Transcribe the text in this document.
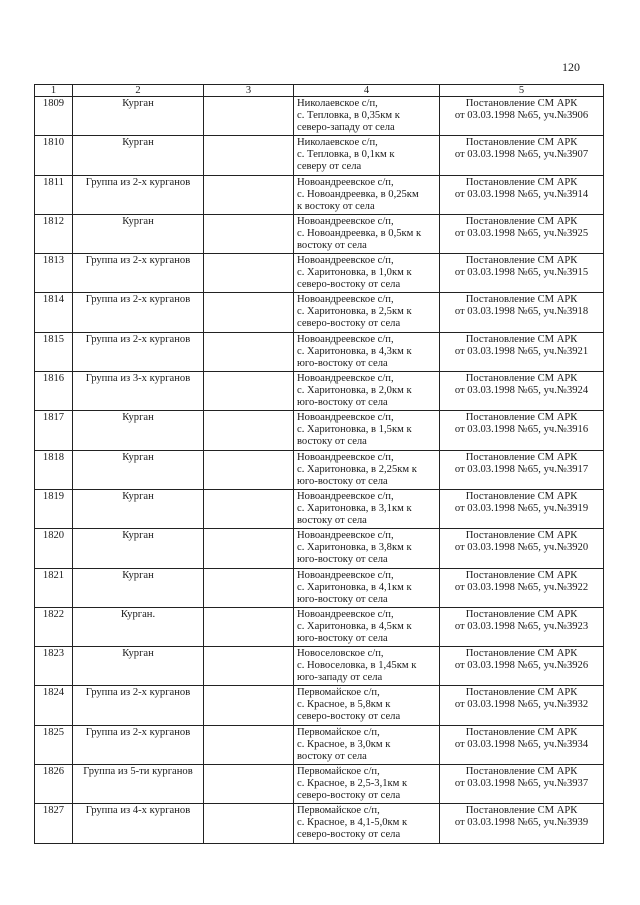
120
1	2	3	4	5
1809	Курган		Николаевское с/п,
с. Тепловка, в 0,35км к
северо-западу от села	Постановление СМ АРК
от 03.03.1998 №65, уч.№3906

1810	Курган		Николаевское с/п,
с. Тепловка, в 0,1км к
северу от села	Постановление СМ АРК
от 03.03.1998 №65, уч.№3907

1811	Группа из 2-х курганов		Новоандреевское с/п,
с. Новоандреевка, в 0,25км
к востоку от села	Постановление СМ АРК
от 03.03.1998 №65, уч.№3914

1812	Курган		Новоандреевское с/п,
с. Новоандреевка, в 0,5км к
востоку от села	Постановление СМ АРК
от 03.03.1998 №65, уч.№3925

1813	Группа из 2-х курганов		Новоандреевское с/п,
с. Харитоновка, в 1,0км к
северо-востоку от села	Постановление СМ АРК
от 03.03.1998 №65, уч.№3915

1814	Группа из 2-х курганов		Новоандреевское с/п,
с. Харитоновка, в 2,5км к
северо-востоку от села	Постановление СМ АРК
от 03.03.1998 №65, уч.№3918

1815	Группа из 2-х курганов		Новоандреевское с/п,
с. Харитоновка, в 4,3км к
юго-востоку от села	Постановление СМ АРК
от 03.03.1998 №65, уч.№3921

1816	Группа из 3-х курганов		Новоандреевское с/п,
с. Харитоновка, в 2,0км к
юго-востоку от села	Постановление СМ АРК
от 03.03.1998 №65, уч.№3924

1817	Курган		Новоандреевское с/п,
с. Харитоновка, в 1,5км к
востоку от села	Постановление СМ АРК
от 03.03.1998 №65, уч.№3916

1818	Курган		Новоандреевское с/п,
с. Харитоновка, в 2,25км к
юго-востоку от села	Постановление СМ АРК
от 03.03.1998 №65, уч.№3917

1819	Курган		Новоандреевское с/п,
с. Харитоновка, в 3,1км к
востоку от села	Постановление СМ АРК
от 03.03.1998 №65, уч.№3919

1820	Курган		Новоандреевское с/п,
с. Харитоновка, в 3,8км к
юго-востоку от села	Постановление СМ АРК
от 03.03.1998 №65, уч.№3920

1821	Курган		Новоандреевское с/п,
с. Харитоновка, в 4,1км к
юго-востоку от села	Постановление СМ АРК
от 03.03.1998 №65, уч.№3922

1822	Курган.		Новоандреевское с/п,
с. Харитоновка, в 4,5км к
юго-востоку от села	Постановление СМ АРК
от 03.03.1998 №65, уч.№3923

1823	Курган		Новоселовское с/п,
с. Новоселовка, в 1,45км к
юго-западу от села	Постановление СМ АРК
от 03.03.1998 №65, уч.№3926

1824	Группа из 2-х курганов		Первомайское с/п,
с. Красное, в 5,8км к
северо-востоку от села	Постановление СМ АРК
от 03.03.1998 №65, уч.№3932

1825	Группа из 2-х курганов		Первомайское с/п,
с. Красное, в 3,0км к
востоку от села	Постановление СМ АРК
от 03.03.1998 №65, уч.№3934

1826	Группа из 5-ти курганов		Первомайское с/п,
с. Красное, в 2,5-3,1км к
северо-востоку от села	Постановление СМ АРК
от 03.03.1998 №65, уч.№3937

1827	Группа из 4-х курганов		Первомайское с/п,
с. Красное, в 4,1-5,0км к
северо-востоку от села	Постановление СМ АРК
от 03.03.1998 №65, уч.№3939
